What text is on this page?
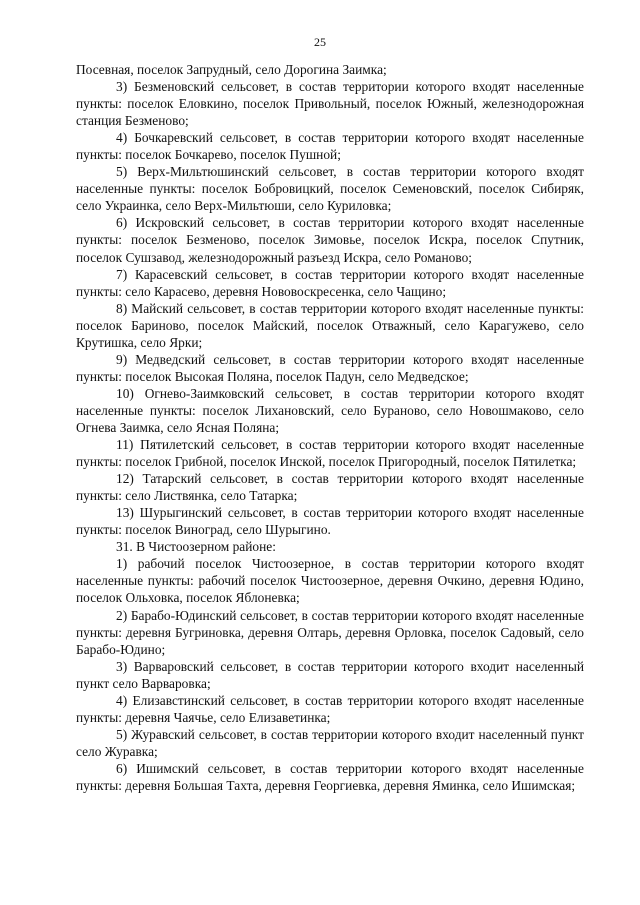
25

Посевная, поселок Запрудный, село Дорогина Заимка;

3) Безменовский сельсовет, в состав территории которого входят населенные пункты: поселок Еловкино, поселок Привольный, поселок Южный, железнодорожная станция Безменово;

4) Бочкаревский сельсовет, в состав территории которого входят населенные пункты: поселок Бочкарево, поселок Пушной;

5) Верх-Мильтюшинский сельсовет, в состав территории которого входят населенные пункты: поселок Бобровицкий, поселок Семеновский, поселок Сибиряк, село Украинка, село Верх-Мильтюши, село Куриловка;

6) Искровский сельсовет, в состав территории которого входят населенные пункты: поселок Безменово, поселок Зимовье, поселок Искра, поселок Спутник, поселок Сушзавод, железнодорожный разъезд Искра, село Романово;

7) Карасевский сельсовет, в состав территории которого входят населенные пункты: село Карасево, деревня Нововоскресенка, село Чащино;

8) Майский сельсовет, в состав территории которого входят населенные пункты: поселок Бариново, поселок Майский, поселок Отважный, село Карагужево, село Крутишка, село Ярки;

9) Медведский сельсовет, в состав территории которого входят населенные пункты: поселок Высокая Поляна, поселок Падун, село Медведское;

10) Огнево-Заимковский сельсовет, в состав территории которого входят населенные пункты: поселок Лихановский, село Бураново, село Новошмаково, село Огнева Заимка, село Ясная Поляна;

11) Пятилетский сельсовет, в состав территории которого входят населенные пункты: поселок Грибной, поселок Инской, поселок Пригородный, поселок Пятилетка;

12) Татарский сельсовет, в состав территории которого входят населенные пункты: село Листвянка, село Татарка;

13) Шурыгинский сельсовет, в состав территории которого входят населенные пункты: поселок Виноград, село Шурыгино.

31. В Чистоозерном районе:

1) рабочий поселок Чистоозерное, в состав территории которого входят населенные пункты: рабочий поселок Чистоозерное, деревня Очкино, деревня Юдино, поселок Ольховка, поселок Яблоневка;

2) Барабо-Юдинский сельсовет, в состав территории которого входят населенные пункты: деревня Бугриновка, деревня Олтарь, деревня Орловка, поселок Садовый, село Барабо-Юдино;

3) Варваровский сельсовет, в состав территории которого входит населенный пункт село Варваровка;

4) Елизавстинский сельсовет, в состав территории которого входят населенные пункты: деревня Чаячье, село Елизаветинка;

5) Журавский сельсовет, в состав территории которого входит населенный пункт село Журавка;

6) Ишимский сельсовет, в состав территории которого входят населенные пункты: деревня Большая Тахта, деревня Георгиевка, деревня Яминка, село Ишимская;
